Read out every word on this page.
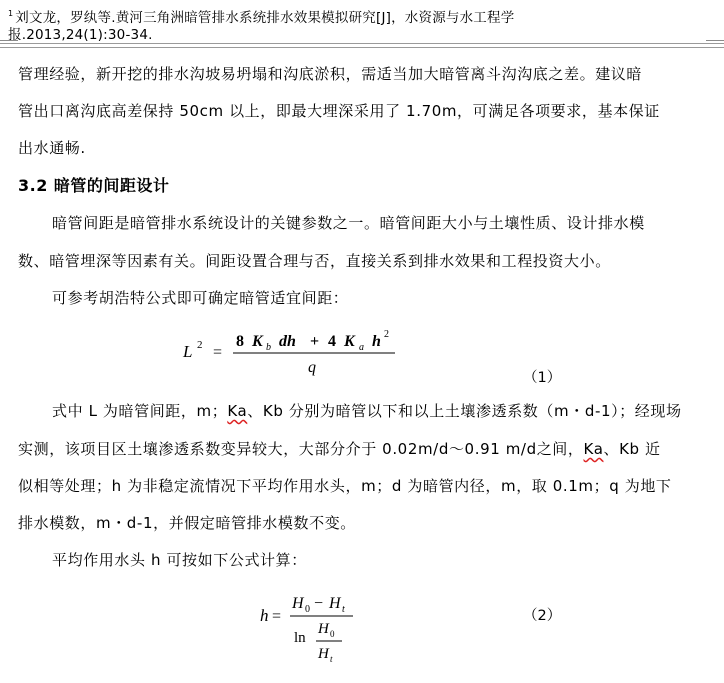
$^1$ 刘文龙，罗纨等.黄河三角洲暗管排水系统排水效果模拟研究[J]，水资源与水工程学
报.2013,24(1):30-34.
管理经验，新开挖的排水沟坡易坍塌和沟底淤积，需适当加大暗管离斗沟沟底之差。建议暗
管出口离沟底高差保持 50cm 以上，即最大埋深采用了 1.70m，可满足各项要求，基本保证
出水通畅.
3.2 暗管的间距设计
暗管间距是暗管排水系统设计的关键参数之一。暗管间距大小与土壤性质、设计排水模
数、暗管埋深等因素有关。间距设置合理与否，直接关系到排水效果和工程投资大小。
可参考胡浩特公式即可确定暗管适宜间距：
L 2 =
8 K b dh + 4 K a h 2
q
（1）
式中 L 为暗管间距，m；Ka、Kb 分别为暗管以下和以上土壤渗透系数（m・d-1）；经现场
实测，该项目区土壤渗透系数变异较大，大部分介于 0.02m/d～0.91 m/d之间，Ka、Kb 近
似相等处理；h 为非稳定流情况下平均作用水头，m；d 为暗管内径，m，取 0.1m；q 为地下
排水模数，m・d-1，并假定暗管排水模数不变。
平均作用水头 h 可按如下公式计算：
h =
H 0 − H t
ln
H 0
H t
（2）
